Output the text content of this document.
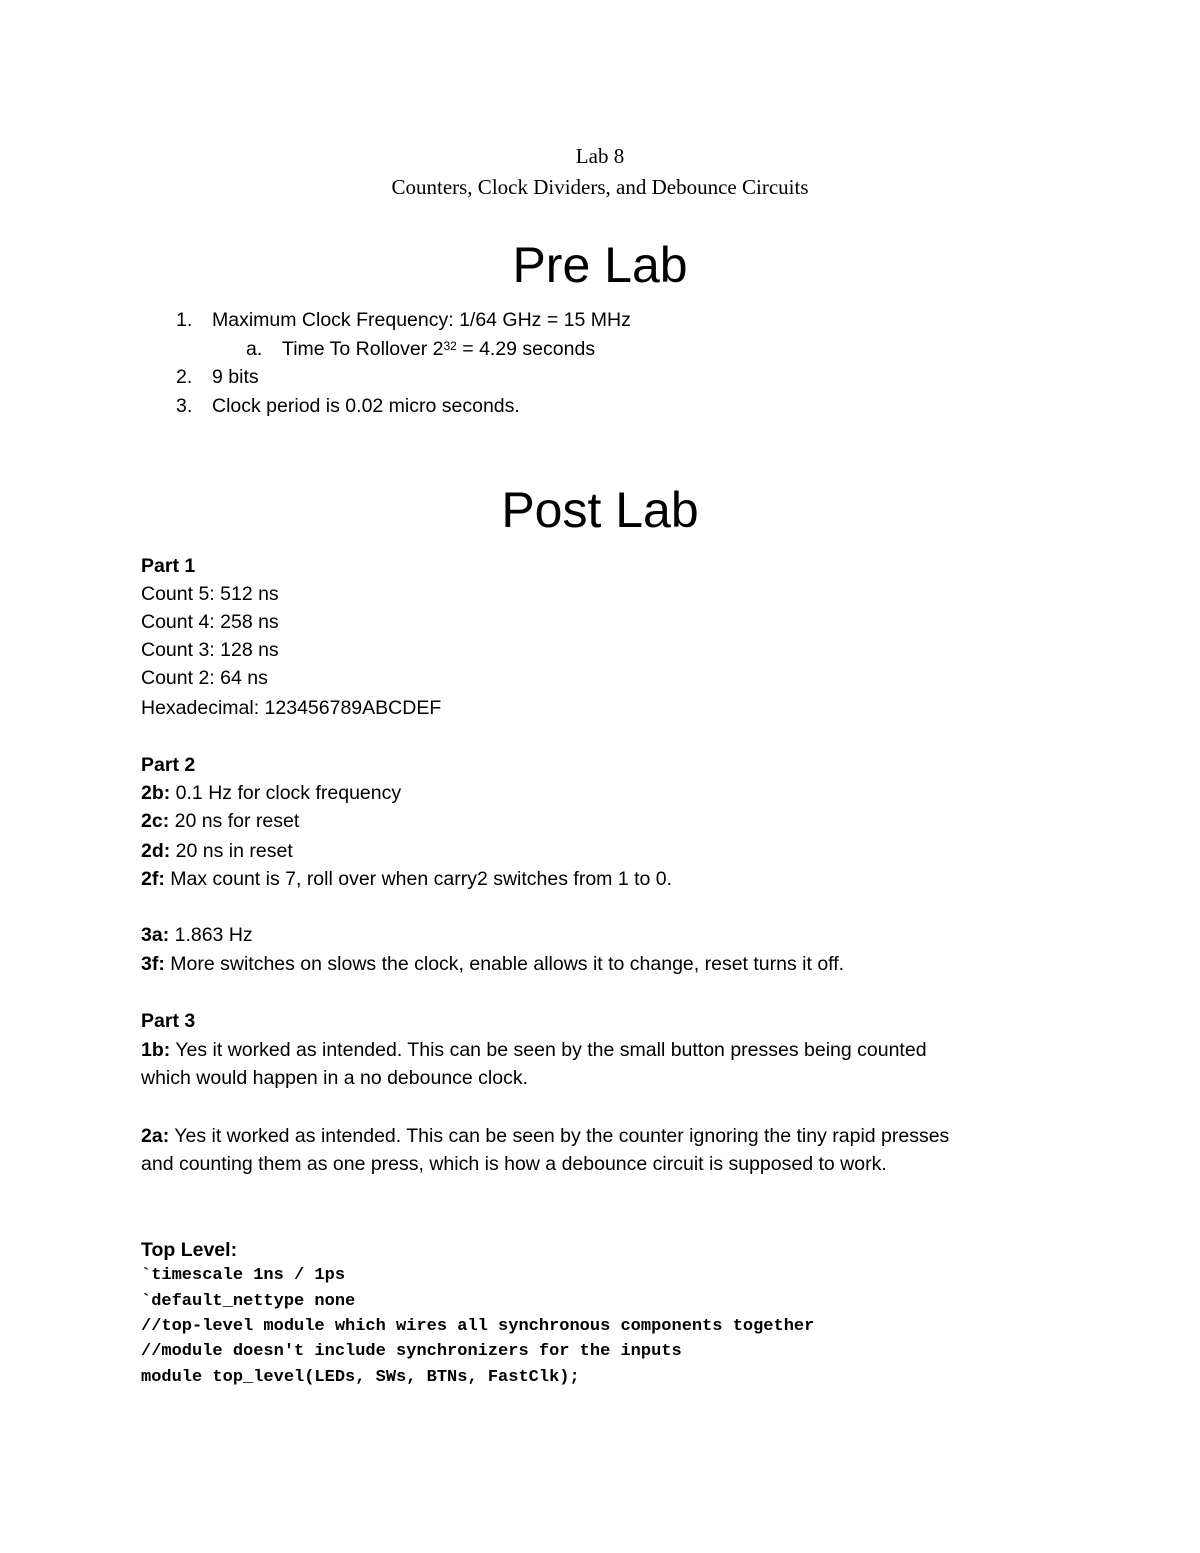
Lab 8
Counters, Clock Dividers, and Debounce Circuits
Pre Lab
1. Maximum Clock Frequency: 1/64 GHz = 15 MHz
a. Time To Rollover $2^{32} = 4.29$ seconds
2. 9 bits
3. Clock period is 0.02 micro seconds.
Post Lab
Part 1
Count 5: 512 ns
Count 4: 258 ns
Count 3: 128 ns
Count 2: 64 ns
Hexadecimal: 123456789ABCDEF
Part 2
2b: 0.1 Hz for clock frequency
2c: 20 ns for reset
2d: 20 ns in reset
2f: Max count is 7, roll over when carry2 switches from 1 to 0.
3a: 1.863 Hz
3f: More switches on slows the clock, enable allows it to change, reset turns it off.
Part 3
1b: Yes it worked as intended. This can be seen by the small button presses being counted
which would happen in a no debounce clock.
2a: Yes it worked as intended. This can be seen by the counter ignoring the tiny rapid presses
and counting them as one press, which is how a debounce circuit is supposed to work.
Top Level:
`timescale 1ns / 1ps
`default_nettype none
//top-level module which wires all synchronous components together
//module doesn't include synchronizers for the inputs
module top_level(LEDs, SWs, BTNs, FastClk);
